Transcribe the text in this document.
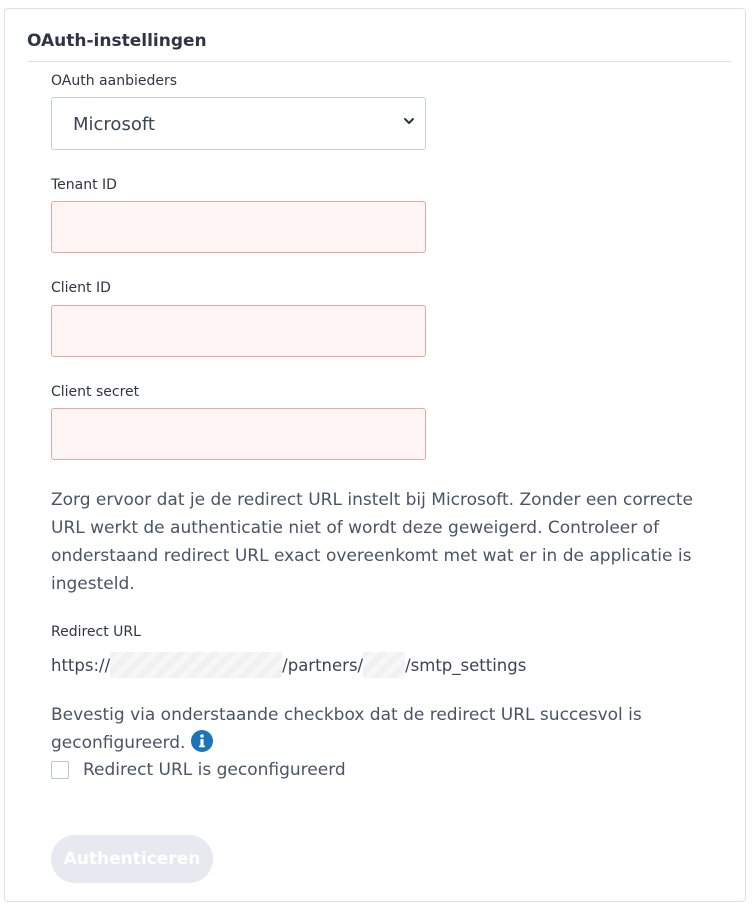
OAuth-instellingen
OAuth aanbieders
Microsoft
Tenant ID
Client ID
Client secret
Zorg ervoor dat je de redirect URL instelt bij Microsoft. Zonder een correcte URL werkt de authenticatie niet of wordt deze geweigerd. Controleer of onderstaand redirect URL exact overeenkomt met wat er in de applicatie is ingesteld.
Redirect URL
https://	/partners/	/smtp_settings
Bevestig via onderstaande checkbox dat de redirect URL succesvol is geconfigureerd.
Redirect URL is geconfigureerd
Authenticeren
